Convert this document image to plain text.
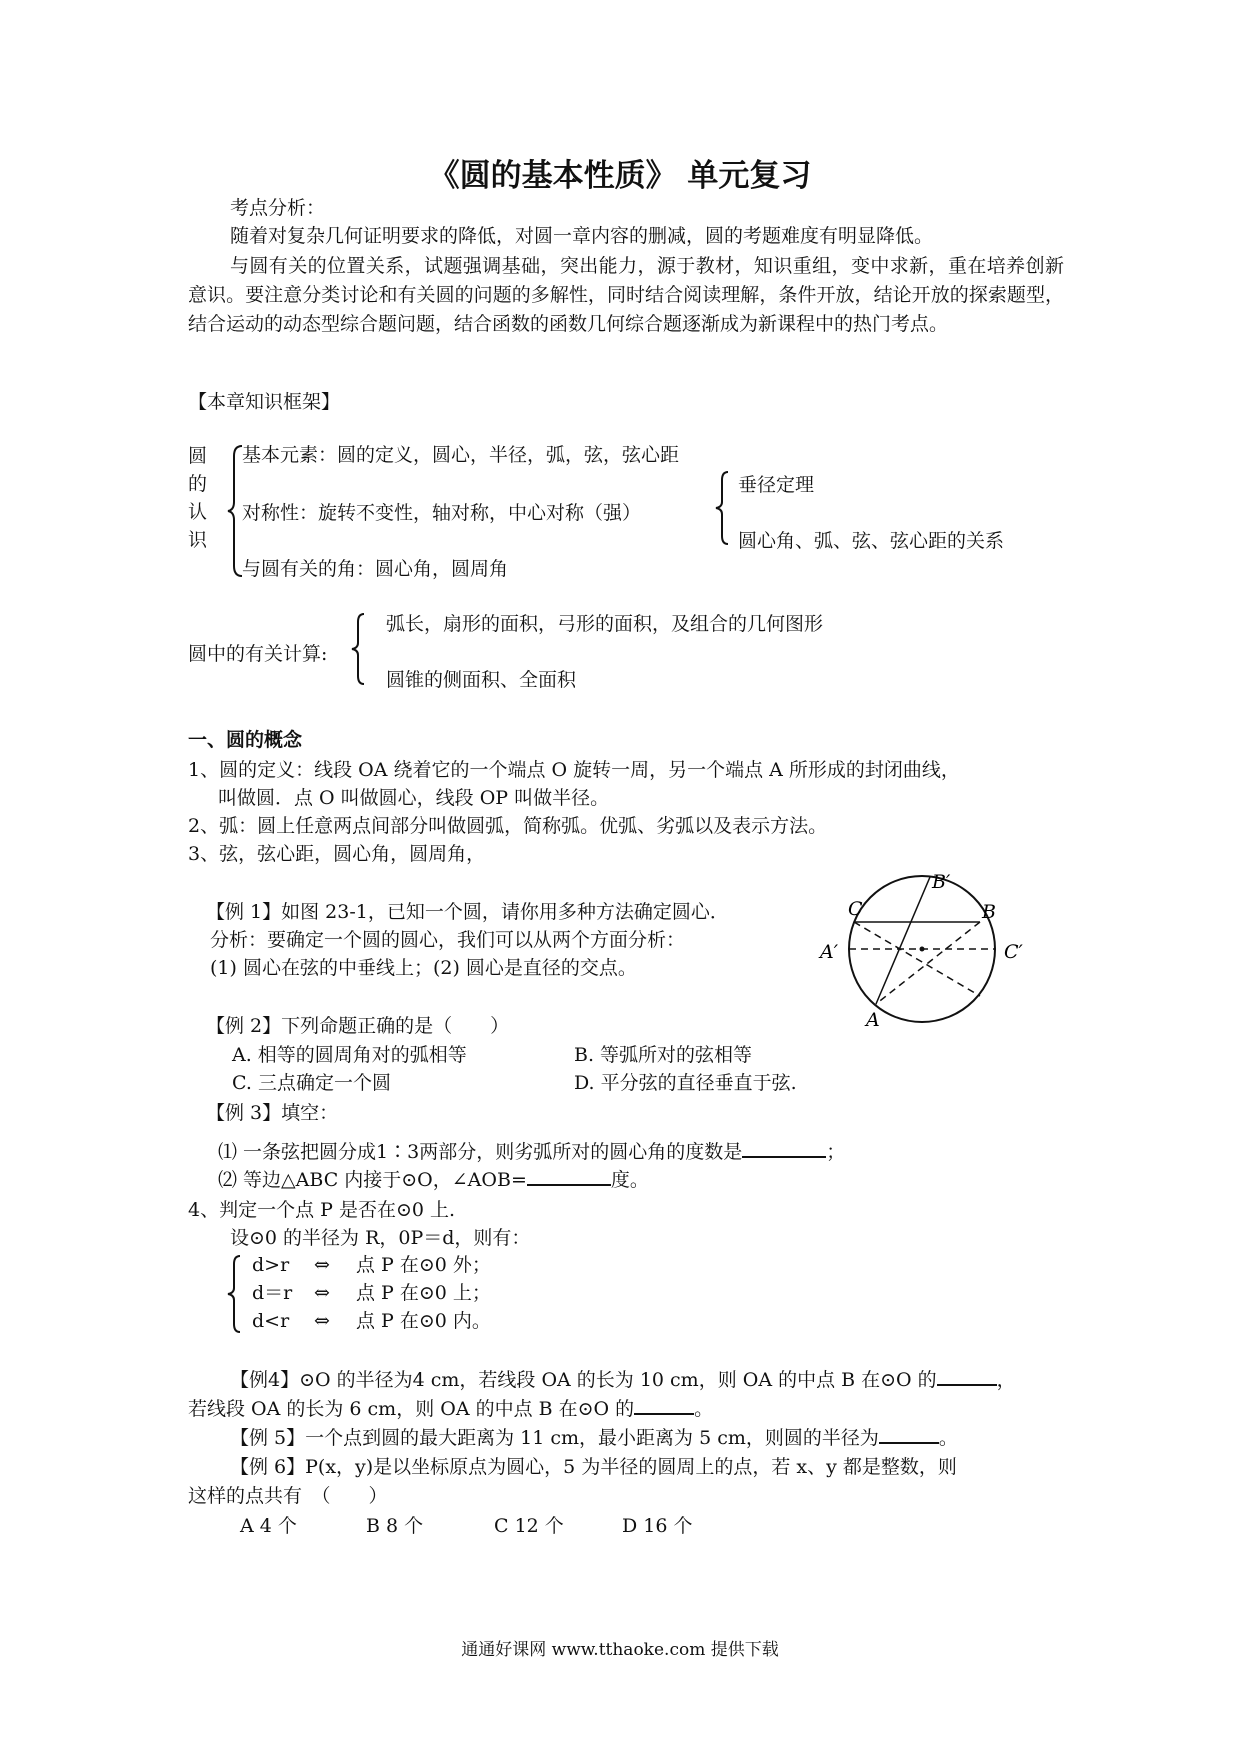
《圆的基本性质》 单元复习
考点分析：
随着对复杂几何证明要求的降低，对圆一章内容的删减，圆的考题难度有明显降低。
与圆有关的位置关系，试题强调基础，突出能力，源于教材，知识重组，变中求新，重在培养创新意识。要注意分类讨论和有关圆的问题的多解性，同时结合阅读理解，条件开放，结论开放的探索题型，结合运动的动态型综合题问题，结合函数的函数几何综合题逐渐成为新课程中的热门考点。
【本章知识框架】
圆
的
认
识
基本元素：圆的定义，圆心，半径，弧，弦，弦心距
对称性：旋转不变性，轴对称，中心对称（强）
与圆有关的角：圆心角，圆周角
垂径定理
圆心角、弧、弦、弦心距的关系
圆中的有关计算:
弧长，扇形的面积，弓形的面积，及组合的几何图形
圆锥的侧面积、全面积
一、圆的概念
1、圆的定义：线段 OA 绕着它的一个端点 O 旋转一周，另一个端点 A 所形成的封闭曲线，
叫做圆．点 O 叫做圆心，线段 OP 叫做半径。
2、弧：圆上任意两点间部分叫做圆弧，简称弧。优弧、劣弧以及表示方法。
3、弦，弦心距，圆心角，圆周角，
【例 1】如图 23-1，已知一个圆，请你用多种方法确定圆心．
分析：要确定一个圆的圆心，我们可以从两个方面分析：
(1) 圆心在弦的中垂线上；(2) 圆心是直径的交点。
C
B′
B
A′	C′
A
【例 2】下列命题正确的是（　　）
A. 相等的圆周角对的弧相等	B. 等弧所对的弦相等
C. 三点确定一个圆	D. 平分弦的直径垂直于弦.
【例 3】填空：
⑴ 一条弦把圆分成1∶3两部分，则劣弧所对的圆心角的度数是	；
⑵ 等边△ABC 内接于⊙O，∠AOB=	度。
4、判定一个点 P 是否在⊙0 上.
设⊙0 的半径为 R，0P＝d，则有：
d>r ⇔ 点 P 在⊙0 外；
d＝r ⇔ 点 P 在⊙0 上；
d<r ⇔ 点 P 在⊙0 内。
【例4】⊙O 的半径为4 cm，若线段 OA 的长为 10 cm，则 OA 的中点 B 在⊙O 的	，
若线段 OA 的长为 6 cm，则 OA 的中点 B 在⊙O 的	。
【例 5】一个点到圆的最大距离为 11 cm，最小距离为 5 cm，则圆的半径为	。
【例 6】P(x，y)是以坐标原点为圆心，5 为半径的圆周上的点，若 x、y 都是整数，则
这样的点共有　（　　）
A 4 个	B 8 个	C 12 个	D 16 个
通通好课网 www.tthaoke.com 提供下载
